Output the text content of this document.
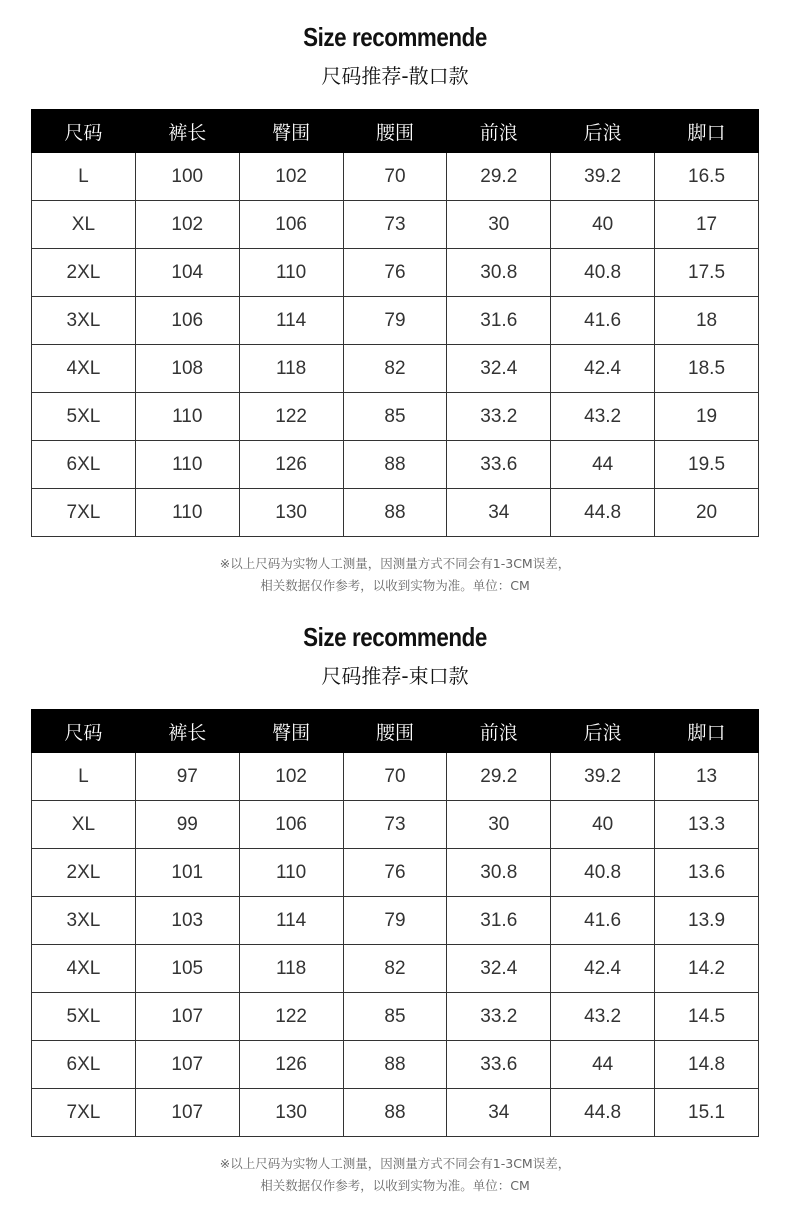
Size recommende
尺码推荐-散口款
尺码	裤长	臀围	腰围	前浪	后浪	脚口
L	100	102	70	29.2	39.2	16.5
XL	102	106	73	30	40	17
2XL	104	110	76	30.8	40.8	17.5
3XL	106	114	79	31.6	41.6	18
4XL	108	118	82	32.4	42.4	18.5
5XL	110	122	85	33.2	43.2	19
6XL	110	126	88	33.6	44	19.5
7XL	110	130	88	34	44.8	20
※以上尺码为实物人工测量，因测量方式不同会有1-3CM误差，
相关数据仅作参考，以收到实物为准。单位：CM
Size recommende
尺码推荐-束口款
尺码	裤长	臀围	腰围	前浪	后浪	脚口
L	97	102	70	29.2	39.2	13
XL	99	106	73	30	40	13.3
2XL	101	110	76	30.8	40.8	13.6
3XL	103	114	79	31.6	41.6	13.9
4XL	105	118	82	32.4	42.4	14.2
5XL	107	122	85	33.2	43.2	14.5
6XL	107	126	88	33.6	44	14.8
7XL	107	130	88	34	44.8	15.1
※以上尺码为实物人工测量，因测量方式不同会有1-3CM误差，
相关数据仅作参考，以收到实物为准。单位：CM
